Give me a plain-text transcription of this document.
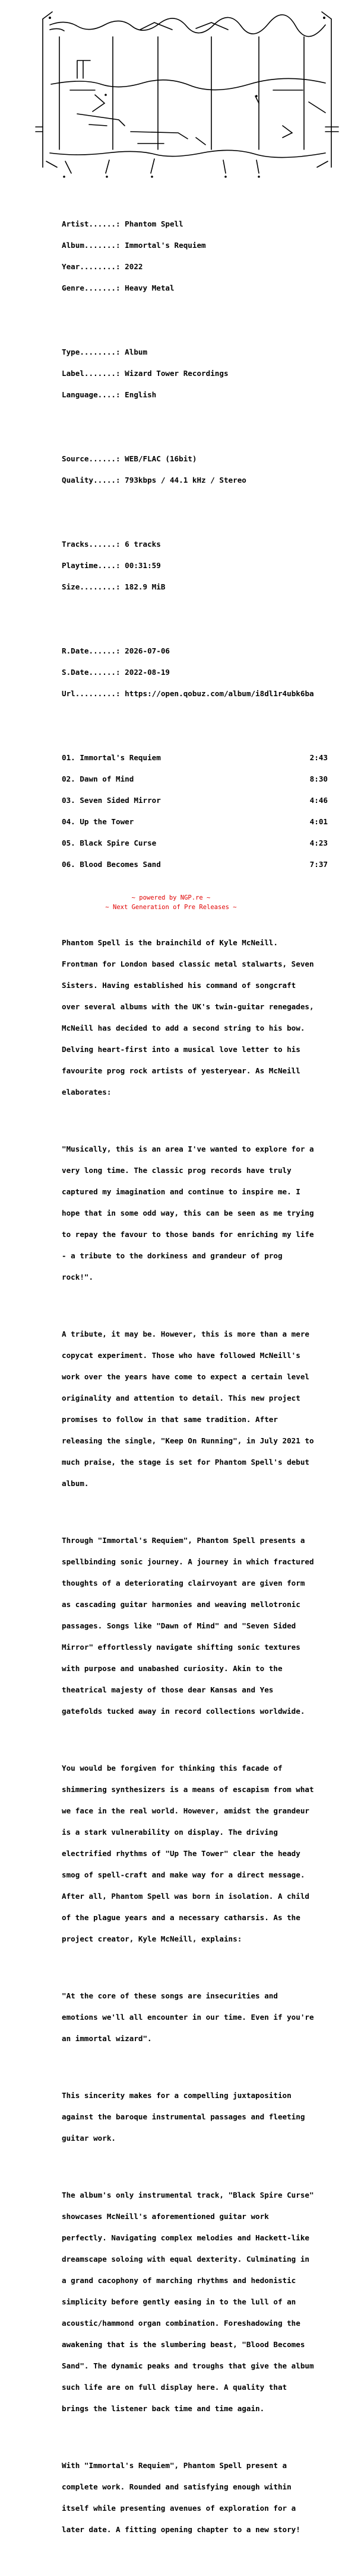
Artist......: Phantom Spell

Album.......: Immortal's Requiem

Year........: 2022

Genre.......: Heavy Metal

Type........: Album

Label.......: Wizard Tower Recordings

Language....: English

Source......: WEB/FLAC (16bit)

Quality.....: 793kbps / 44.1 kHz / Stereo

Tracks......: 6 tracks

Playtime....: 00:31:59

Size........: 182.9 MiB

R.Date......: 2026-07-06

S.Date......: 2022-08-19

Url.........: https://open.qobuz.com/album/i8dl1r4ubk6ba

01. Immortal's Requiem	2:43

02. Dawn of Mind	8:30

03. Seven Sided Mirror	4:46

04. Up the Tower	4:01

05. Black Spire Curse	4:23

06. Blood Becomes Sand	7:37

Phantom Spell is the brainchild of Kyle McNeill.

Frontman for London based classic metal stalwarts, Seven

Sisters. Having established his command of songcraft

over several albums with the UK's twin-guitar renegades,

McNeill has decided to add a second string to his bow.

Delving heart-first into a musical love letter to his

favourite prog rock artists of yesteryear. As McNeill

elaborates:

"Musically, this is an area I've wanted to explore for a

very long time. The classic prog records have truly

captured my imagination and continue to inspire me. I

hope that in some odd way, this can be seen as me trying

to repay the favour to those bands for enriching my life

- a tribute to the dorkiness and grandeur of prog

rock!".

A tribute, it may be. However, this is more than a mere

copycat experiment. Those who have followed McNeill's

work over the years have come to expect a certain level

originality and attention to detail. This new project

promises to follow in that same tradition. After

releasing the single, "Keep On Running", in July 2021 to

much praise, the stage is set for Phantom Spell's debut

album.

Through "Immortal's Requiem", Phantom Spell presents a

spellbinding sonic journey. A journey in which fractured

thoughts of a deteriorating clairvoyant are given form

as cascading guitar harmonies and weaving mellotronic

passages. Songs like "Dawn of Mind" and "Seven Sided

Mirror" effortlessly navigate shifting sonic textures

with purpose and unabashed curiosity. Akin to the

theatrical majesty of those dear Kansas and Yes

gatefolds tucked away in record collections worldwide.

You would be forgiven for thinking this facade of

shimmering synthesizers is a means of escapism from what

we face in the real world. However, amidst the grandeur

is a stark vulnerability on display. The driving

electrified rhythms of "Up The Tower" clear the heady

smog of spell-craft and make way for a direct message.

After all, Phantom Spell was born in isolation. A child

of the plague years and a necessary catharsis. As the

project creator, Kyle McNeill, explains:

"At the core of these songs are insecurities and

emotions we'll all encounter in our time. Even if you're

an immortal wizard".

This sincerity makes for a compelling juxtaposition

against the baroque instrumental passages and fleeting

guitar work.

The album's only instrumental track, "Black Spire Curse"

showcases McNeill's aforementioned guitar work

perfectly. Navigating complex melodies and Hackett-like

dreamscape soloing with equal dexterity. Culminating in

a grand cacophony of marching rhythms and hedonistic

simplicity before gently easing in to the lull of an

acoustic/hammond organ combination. Foreshadowing the

awakening that is the slumbering beast, "Blood Becomes

Sand". The dynamic peaks and troughs that give the album

such life are on full display here. A quality that

brings the listener back time and time again.

With "Immortal's Requiem", Phantom Spell present a

complete work. Rounded and satisfying enough within

itself while presenting avenues of exploration for a

later date. A fitting opening chapter to a new story!

~ powered by NGP.re ~
~ Next Generation of Pre Releases ~
